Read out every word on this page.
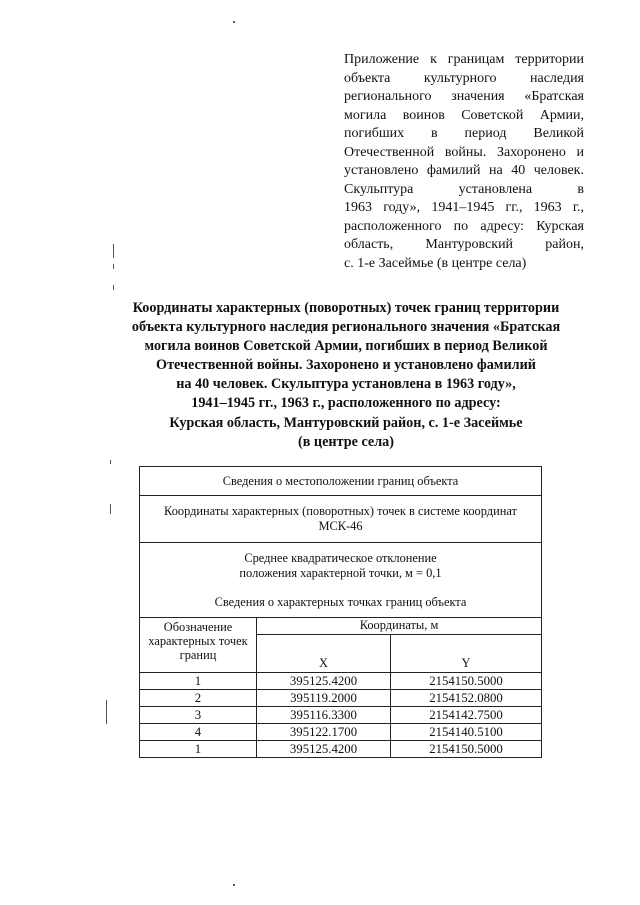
Приложение к границам территории
объекта культурного наследия
регионального значения «Братская
могила воинов Советской Армии,
погибших в период Великой
Отечественной войны. Захоронено и
установлено фамилий на 40 человек.
Скульптура установлена в
1963 году», 1941–1945 гг., 1963 г.,
расположенного по адресу: Курская
область, Мантуровский район,
с. 1-е Засеймье (в центре села)
Координаты характерных (поворотных) точек границ территории
объекта культурного наследия регионального значения «Братская
могила воинов Советской Армии, погибших в период Великой
Отечественной войны. Захоронено и установлено фамилий
на 40 человек. Скульптура установлена в 1963 году»,
1941–1945 гг., 1963 г., расположенного по адресу:
Курская область, Мантуровский район, с. 1-е Засеймье
(в центре села)
Сведения о местоположении границ объекта		
Координаты характерных (поворотных) точек в системе координат
МСК-46		
Среднее квадратическое отклонение
положения характерной точки, м = 0,1
Сведения о характерных точках границ объекта		
Обозначение
характерных точек
границ	Координаты, м	
	X	Y
1	395125.4200	2154150.5000
2	395119.2000	2154152.0800
3	395116.3300	2154142.7500
4	395122.1700	2154140.5100
1	395125.4200	2154150.5000
